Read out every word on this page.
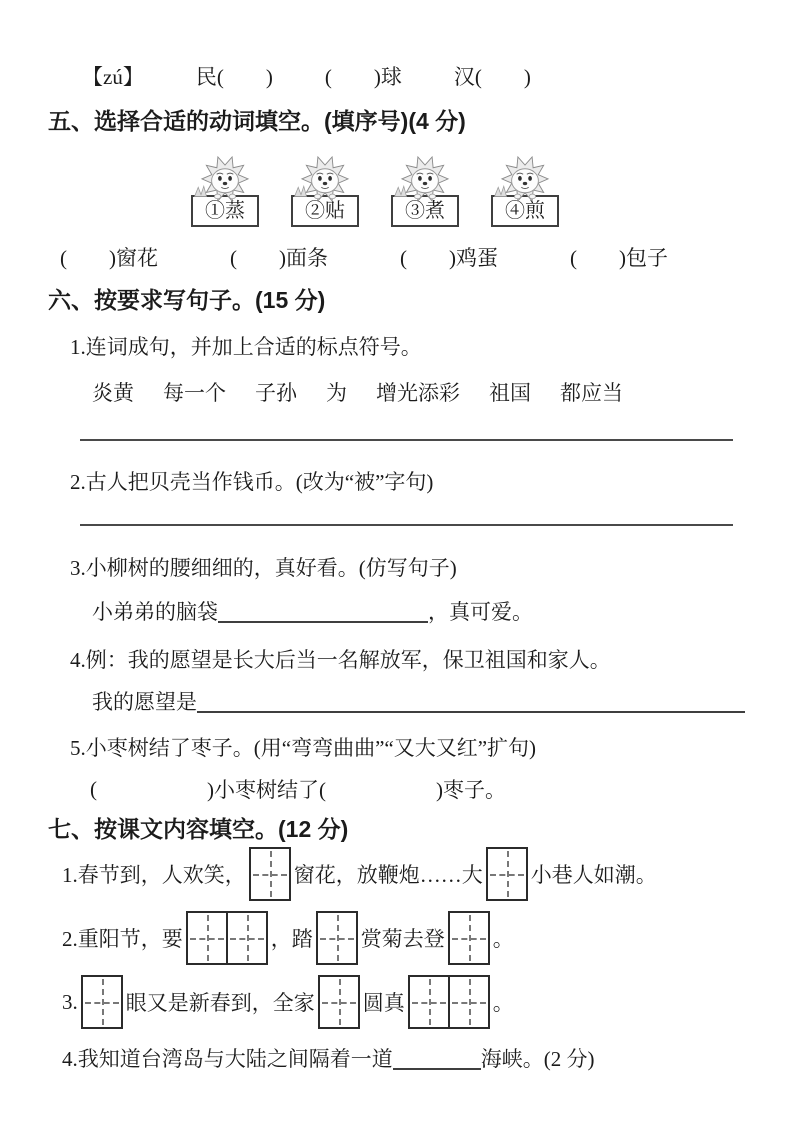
【zú】 民(　　) (　　)球 汉(　　)
五、选择合适的动词填空。(填序号)(4 分)
①蒸	②贴	③煮	④煎
(　　)窗花	(　　)面条	(　　)鸡蛋	(　　)包子
六、按要求写句子。(15 分)
1.连词成句，并加上合适的标点符号。
炎黄 每一个 子孙 为 增光添彩 祖国 都应当
2.古人把贝壳当作钱币。(改为“被”字句)
3.小柳树的腰细细的，真好看。(仿写句子)
小弟弟的脑袋	，真可爱。
4.例：我的愿望是长大后当一名解放军，保卫祖国和家人。
我的愿望是
5.小枣树结了枣子。(用“弯弯曲曲”“又大又红”扩句)
(	)小枣树结了(	)枣子。
七、按课文内容填空。(12 分)
1.春节到，人欢笑， 窗花，放鞭炮……大 小巷人如潮。
2.重阳节，要	，踏 赏菊去登 。
3. 眼又是新春到，全家 圆真	。
4.我知道台湾岛与大陆之间隔着一道	海峡。(2 分)
